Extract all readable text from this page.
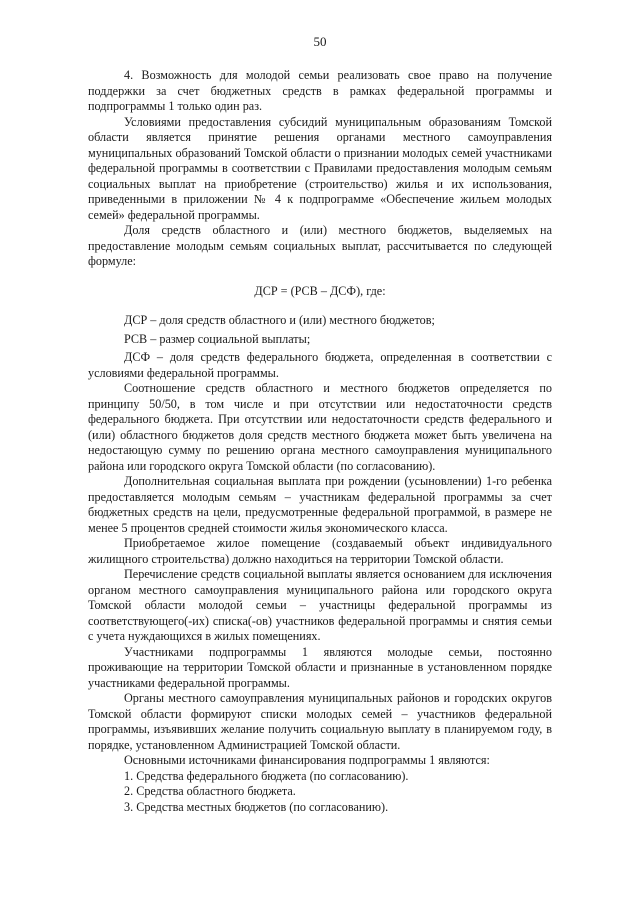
50

4. Возможность для молодой семьи реализовать свое право на получение поддержки за счет бюджетных средств в рамках федеральной программы и подпрограммы 1 только один раз.

Условиями предоставления субсидий муниципальным образованиям Томской области является принятие решения органами местного самоуправления муниципальных образований Томской области о признании молодых семей участниками федеральной программы в соответствии с Правилами предоставления молодым семьям социальных выплат на приобретение (строительство) жилья и их использования, приведенными в приложении № 4 к подпрограмме «Обеспечение жильем молодых семей» федеральной программы.

Доля средств областного и (или) местного бюджетов, выделяемых на предоставление молодым семьям социальных выплат, рассчитывается по следующей формуле:

ДСР = (РСВ – ДСФ), где:

ДСР – доля средств областного и (или) местного бюджетов;

РСВ – размер социальной выплаты;

ДСФ – доля средств федерального бюджета, определенная в соответствии с условиями федеральной программы.

Соотношение средств областного и местного бюджетов определяется по принципу 50/50, в том числе и при отсутствии или недостаточности средств федерального бюджета. При отсутствии или недостаточности средств федерального и (или) областного бюджетов доля средств местного бюджета может быть увеличена на недостающую сумму по решению органа местного самоуправления муниципального района или городского округа Томской области (по согласованию).

Дополнительная социальная выплата при рождении (усыновлении) 1-го ребенка предоставляется молодым семьям – участникам федеральной программы за счет бюджетных средств на цели, предусмотренные федеральной программой, в размере не менее 5 процентов средней стоимости жилья экономического класса.

Приобретаемое жилое помещение (создаваемый объект индивидуального жилищного строительства) должно находиться на территории Томской области.

Перечисление средств социальной выплаты является основанием для исключения органом местного самоуправления муниципального района или городского округа Томской области молодой семьи – участницы федеральной программы из соответствующего(-их) списка(-ов) участников федеральной программы и снятия семьи с учета нуждающихся в жилых помещениях.

Участниками подпрограммы 1 являются молодые семьи, постоянно проживающие на территории Томской области и признанные в установленном порядке участниками федеральной программы.

Органы местного самоуправления муниципальных районов и городских округов Томской области формируют списки молодых семей – участников федеральной программы, изъявивших желание получить социальную выплату в планируемом году, в порядке, установленном Администрацией Томской области.

Основными источниками финансирования подпрограммы 1 являются:

1. Средства федерального бюджета (по согласованию).

2. Средства областного бюджета.

3. Средства местных бюджетов (по согласованию).
